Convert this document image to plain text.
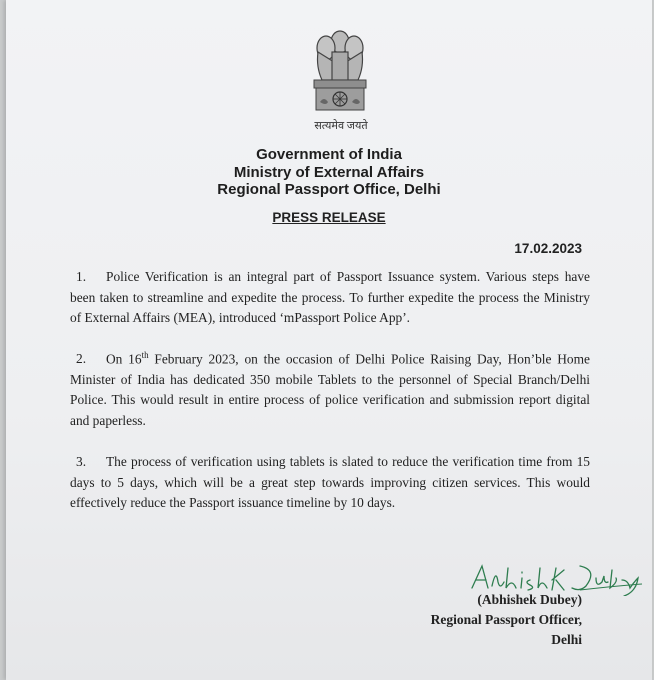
सत्यमेव जयते
Government of India
Ministry of External Affairs
Regional Passport Office, Delhi
PRESS RELEASE
17.02.2023

1. Police Verification is an integral part of Passport Issuance system. Various steps have been taken to streamline and expedite the process. To further expedite the process the Ministry of External Affairs (MEA), introduced ‘mPassport Police App’.

2. On 16th February 2023, on the occasion of Delhi Police Raising Day, Hon’ble Home Minister of India has dedicated 350 mobile Tablets to the personnel of Special Branch/Delhi Police. This would result in entire process of police verification and submission report digital and paperless.

3. The process of verification using tablets is slated to reduce the verification time from 15 days to 5 days, which will be a great step towards improving citizen services. This would effectively reduce the Passport issuance timeline by 10 days.

(Abhishek Dubey)
Regional Passport Officer,
Delhi
